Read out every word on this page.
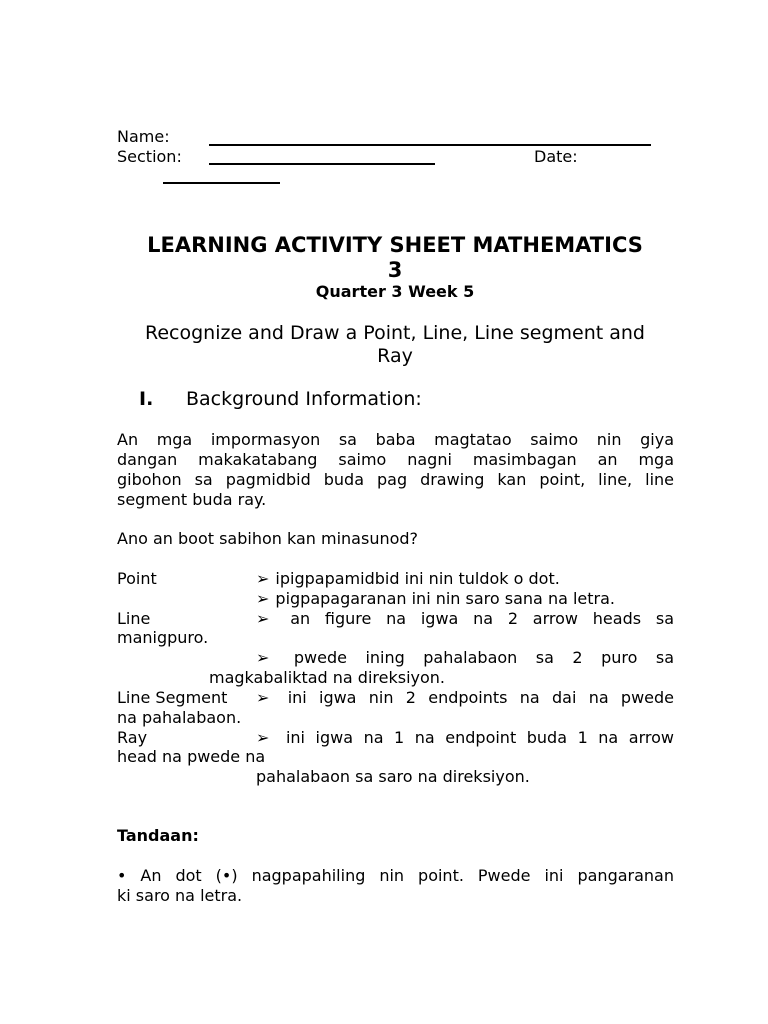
Name:
Section:	Date:
LEARNING ACTIVITY SHEET MATHEMATICS
3
Quarter 3 Week 5
Recognize and Draw a Point, Line, Line segment and
Ray
I. Background Information:
An mga impormasyon sa baba magtatao saimo nin giya
dangan makakatabang saimo nagni masimbagan an mga
gibohon sa pagmidbid buda pag drawing kan point, line, line
segment buda ray.
Ano an boot sabihon kan minasunod?
Point	➢ ipigpapamidbid ini nin tuldok o dot.
➢ pigpapagaranan ini nin saro sana na letra.
Line	➢ an figure na igwa na 2 arrow heads sa
manigpuro.
➢ pwede ining pahalabaon sa 2 puro sa
magkabaliktad na direksiyon.
Line Segment ➢ ini igwa nin 2 endpoints na dai na pwede
na pahalabaon.
Ray	➢ ini igwa na 1 na endpoint buda 1 na arrow
head na pwede na
pahalabaon sa saro na direksiyon.
Tandaan:
• An dot (•) nagpapahiling nin point. Pwede ini pangaranan
ki saro na letra.
